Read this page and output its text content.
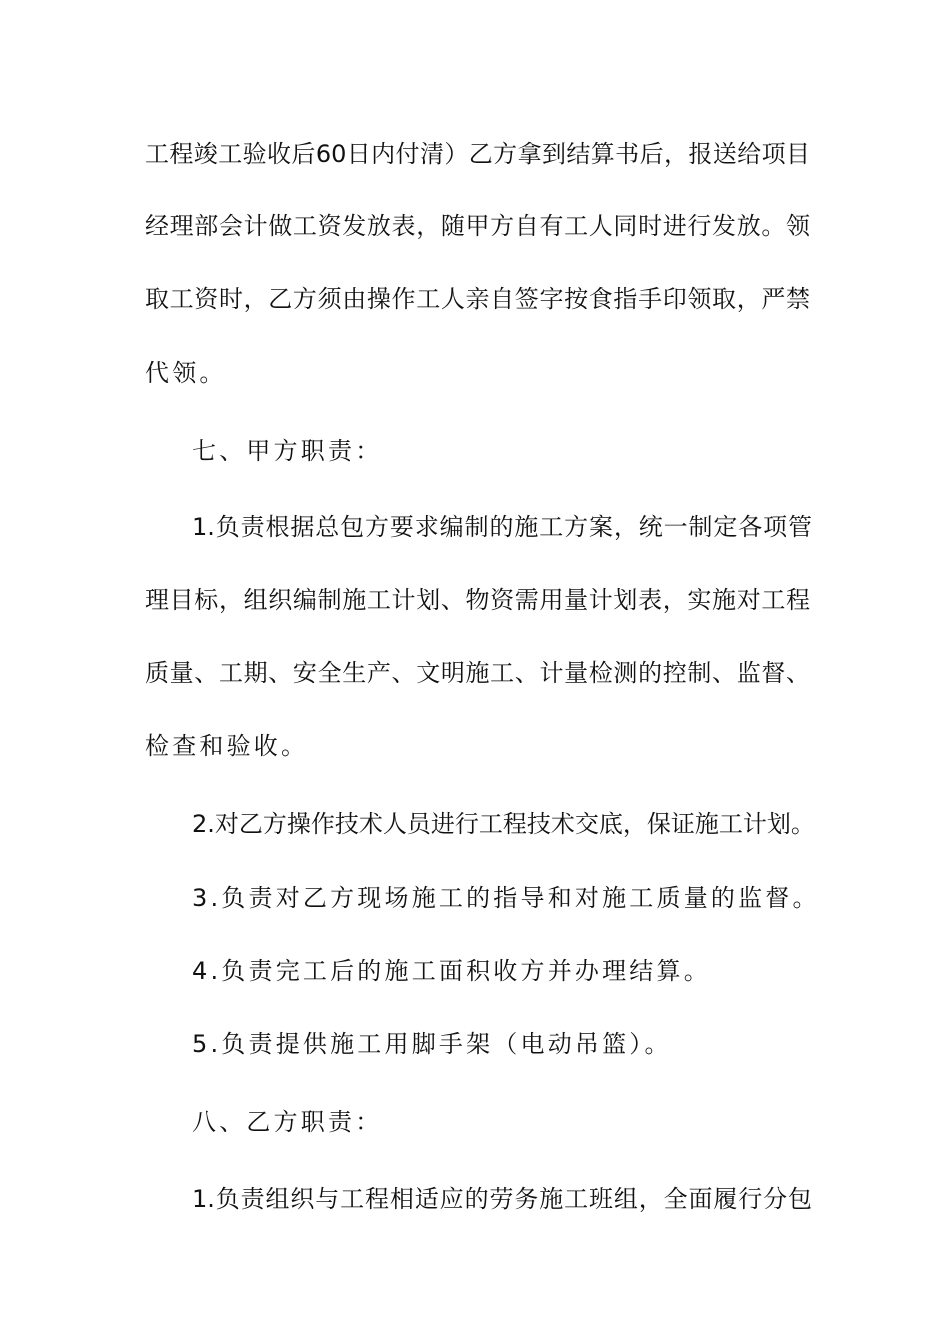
工程竣工验收后60日内付清）乙方拿到结算书后，报送给项目
经理部会计做工资发放表，随甲方自有工人同时进行发放。领
取工资时，乙方须由操作工人亲自签字按食指手印领取，严禁
代领。
七、甲方职责：
1.负责根据总包方要求编制的施工方案，统一制定各项管
理目标，组织编制施工计划、物资需用量计划表，实施对工程
质量、工期、安全生产、文明施工、计量检测的控制、监督、
检查和验收。
2.对乙方操作技术人员进行工程技术交底，保证施工计划。
3.负责对乙方现场施工的指导和对施工质量的监督。
4.负责完工后的施工面积收方并办理结算。
5.负责提供施工用脚手架（电动吊篮）。
八、乙方职责：
1.负责组织与工程相适应的劳务施工班组，全面履行分包
